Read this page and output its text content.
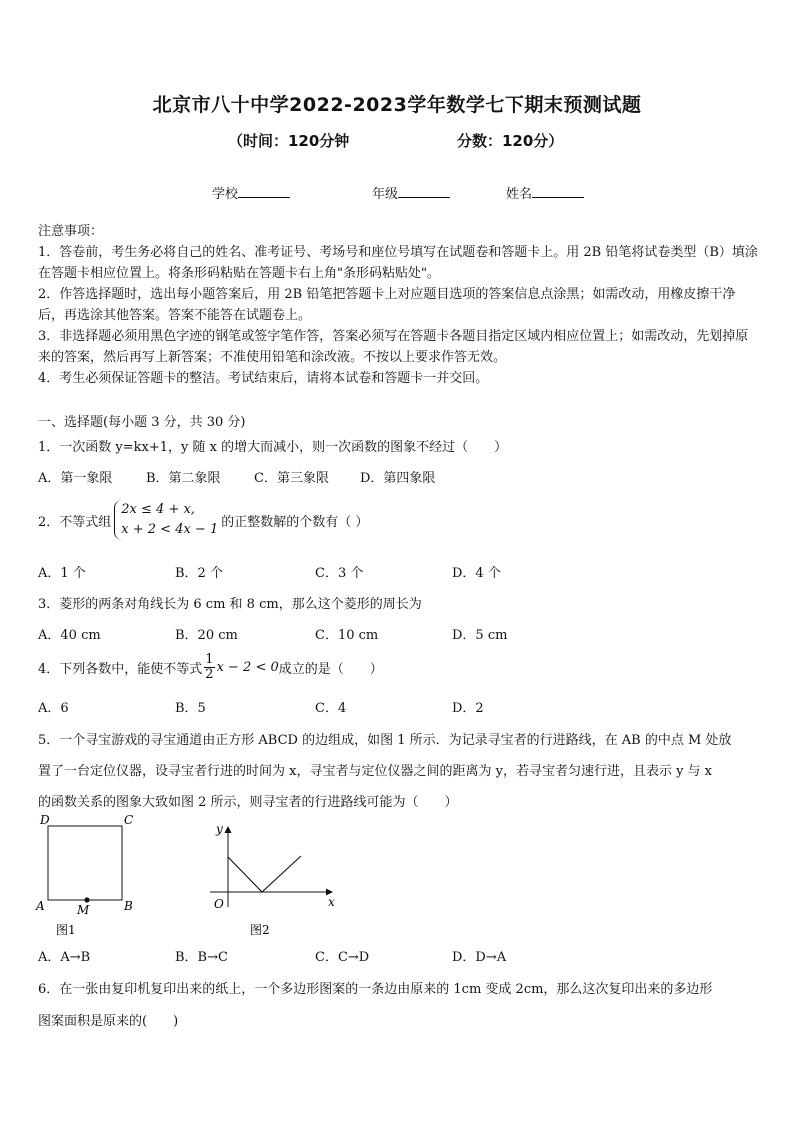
北京市八十中学2022-2023学年数学七下期末预测试题
（时间：120分钟	分数：120分）
学校	年级	姓名
注意事项：
1．答卷前，考生务必将自己的姓名、准考证号、考场号和座位号填写在试题卷和答题卡上。用 2B 铅笔将试卷类型（B）填涂在答题卡相应位置上。将条形码粘贴在答题卡右上角"条形码粘贴处"。
2．作答选择题时，选出每小题答案后，用 2B 铅笔把答题卡上对应题目选项的答案信息点涂黑；如需改动，用橡皮擦干净后，再选涂其他答案。答案不能答在试题卷上。
3．非选择题必须用黑色字迹的钢笔或签字笔作答，答案必须写在答题卡各题目指定区域内相应位置上；如需改动，先划掉原来的答案，然后再写上新答案；不准使用铅笔和涂改液。不按以上要求作答无效。
4．考生必须保证答题卡的整洁。考试结束后，请将本试卷和答题卡一并交回。
一、选择题(每小题 3 分，共 30 分)
1．一次函数 y=kx+1，y 随 x 的增大而减小，则一次函数的图象不经过（　　）
A．第一象限	B．第二象限	C．第三象限 D．第四象限
2．不等式组
2x ≤ 4 + x,
x + 2 < 4x − 1 的正整数解的个数有（ ）
A．1 个	B．2 个	C．3 个	D．4 个
3．菱形的两条对角线长为 6 cm 和 8 cm，那么这个菱形的周长为
A．40 cm	B．20 cm	C．10 cm	D．5 cm
4．下列各数中，能使不等式 $\frac{1}{2}$ x − 2 < 0 成立的是（　　）
A．6	B．5	C．4	D．2
5．一个寻宝游戏的寻宝通道由正方形 ABCD 的边组成，如图 1 所示．为记录寻宝者的行进路线，在 AB 的中点 M 处放
置了一台定位仪器，设寻宝者行进的时间为 x，寻宝者与定位仪器之间的距离为 y，若寻宝者匀速行进，且表示 y 与 x
的函数关系的图象大致如图 2 所示，则寻宝者的行进路线可能为（　　）
D	C
A	B
M
图1
y
x
O
图2
A．A→B	B．B→C	C．C→D	D．D→A
6．在一张由复印机复印出来的纸上，一个多边形图案的一条边由原来的 1cm 变成 2cm，那么这次复印出来的多边形
图案面积是原来的(　　)
